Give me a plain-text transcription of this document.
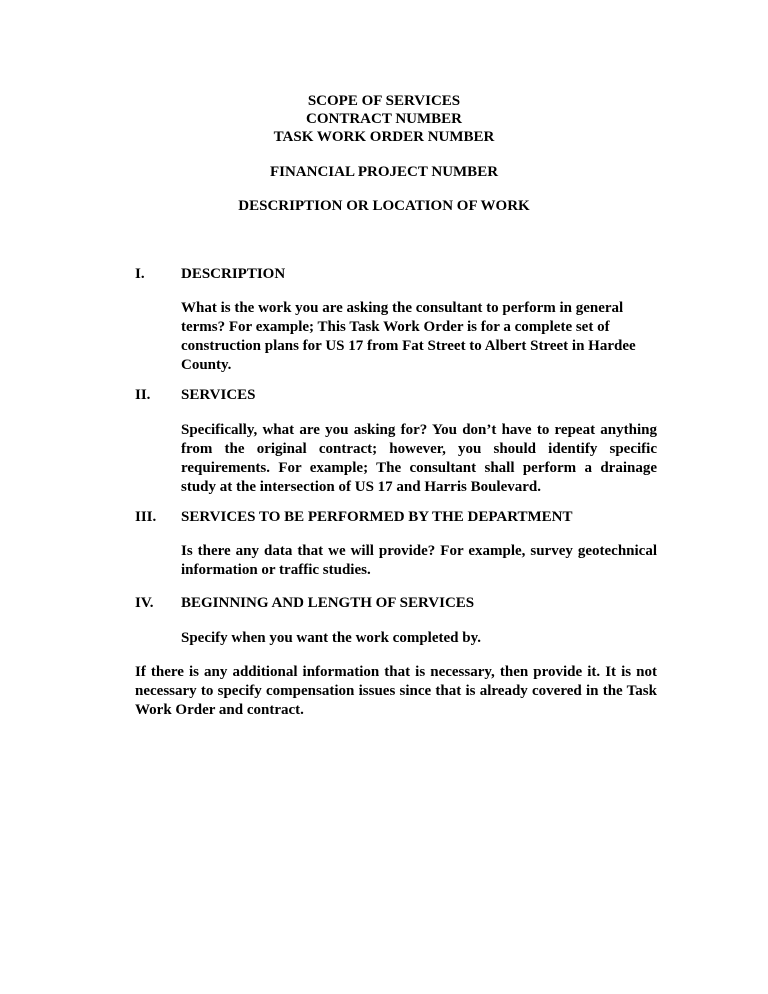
SCOPE OF SERVICES
CONTRACT NUMBER
TASK WORK ORDER NUMBER
FINANCIAL PROJECT NUMBER
DESCRIPTION OR LOCATION OF WORK
I. DESCRIPTION
What is the work you are asking the consultant to perform in general terms? For example; This Task Work Order is for a complete set of construction plans for US 17 from Fat Street to Albert Street in Hardee County.
II. SERVICES
Specifically, what are you asking for? You don’t have to repeat anything from the original contract; however, you should identify specific requirements. For example; The consultant shall perform a drainage study at the intersection of US 17 and Harris Boulevard.
III. SERVICES TO BE PERFORMED BY THE DEPARTMENT
Is there any data that we will provide? For example, survey geotechnical information or traffic studies.
IV. BEGINNING AND LENGTH OF SERVICES
Specify when you want the work completed by.
If there is any additional information that is necessary, then provide it. It is not necessary to specify compensation issues since that is already covered in the Task Work Order and contract.
